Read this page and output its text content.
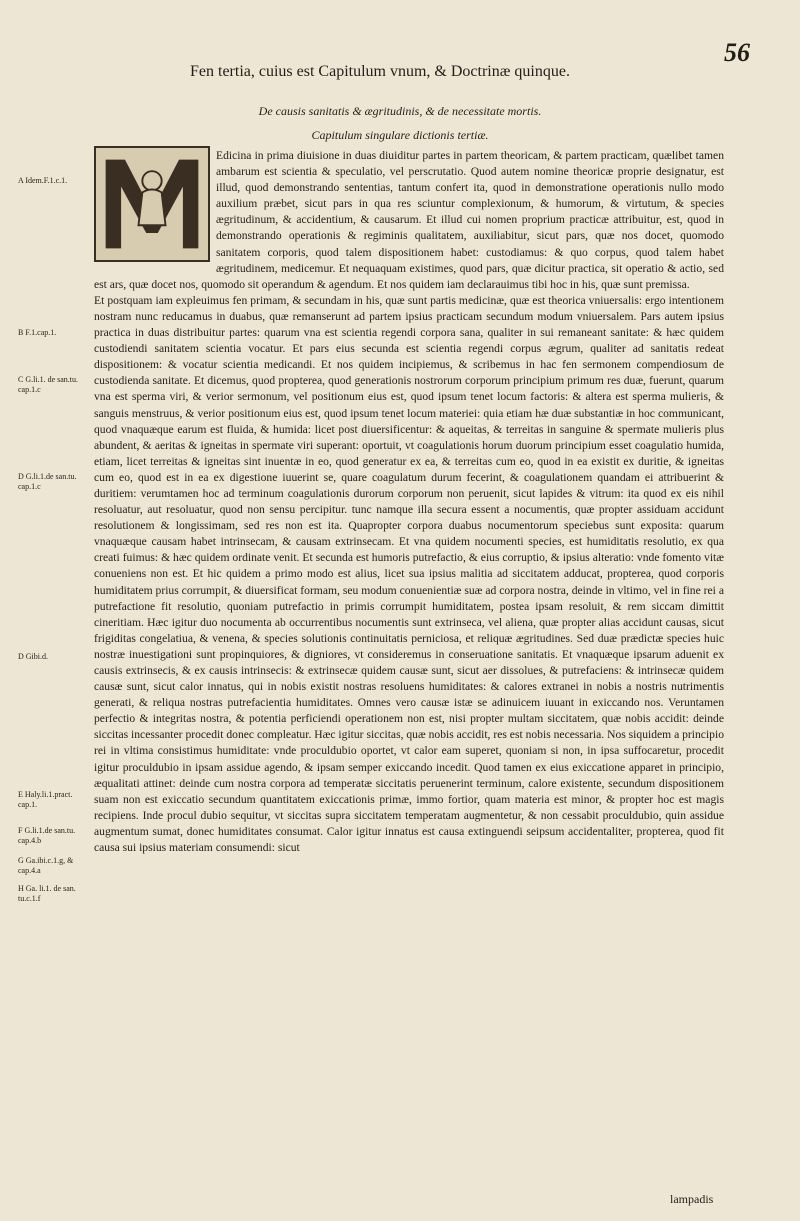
56
Fen tertia, cuius est Capitulum vnum, & Doctrinæ quinque.
De causis sanitatis & ægritudinis, & de necessitate mortis.
Capitulum singulare dictionis tertiæ.

Edicina in prima diuisione in duas diuiditur partes in partem theoricam, & partem practicam, quælibet tamen ambarum est scientia & speculatio, vel perscrutatio. Quod autem nomine theoricæ proprie designatur, est illud, quod demonstrando sententias, tantum confert ita, quod in demonstratione operationis nullo modo auxilium præbet, sicut pars in qua res sciuntur complexionum, & humorum, & virtutum, & species ægritudinum, & accidentium, & causarum. Et illud cui nomen proprium practicæ attribuitur, est, quod in demonstrando operationis & regiminis qualitatem, auxiliabitur, sicut pars, quæ nos docet, quomodo sanitatem corporis, quod talem dispositionem habet: custodiamus: & quo corpus, quod talem habet ægritudinem, medicemur. Et nequaquam existimes, quod pars, quæ dicitur practica, sit operatio & actio, sed est ars, quæ docet nos, quomodo sit operandum & agendum. Et nos quidem iam declarauimus tibi hoc in his, quæ sunt premissa.

Et postquam iam expleuimus fen primam, & secundam in his, quæ sunt partis medicinæ, quæ est theorica vniuersalis: ergo intentionem nostram nunc reducamus in duabus, quæ remanserunt ad partem ipsius practicam secundum modum vniuersalem. Pars autem ipsius practica in duas distribuitur partes: quarum vna est scientia regendi corpora sana, qualiter in sui remaneant sanitate: & hæc quidem custodiendi sanitatem scientia vocatur. Et pars eius secunda est scientia regendi corpus ægrum, qualiter ad sanitatis redeat dispositionem: & vocatur scientia medicandi. Et nos quidem incipiemus, & scribemus in hac fen sermonem compendiosum de custodienda sanitate. Et dicemus, quod propterea, quod generationis nostrorum corporum principium primum res duæ, fuerunt, quarum vna est sperma viri, & verior sermonum, vel positionum eius est, quod ipsum tenet locum factoris: & altera est sperma mulieris, & sanguis menstruus, & verior positionum eius est, quod ipsum tenet locum materiei: quia etiam hæ duæ substantiæ in hoc communicant, quod vnaquæque earum est fluida, & humida: licet post diuersificentur: & aqueitas, & terreitas in sanguine & spermate mulieris plus abundent, & aeritas & igneitas in spermate viri superant: oportuit, vt coagulationis horum duorum principium esset coagulatio humida, etiam, licet terreitas & igneitas sint inuentæ in eo, quod generatur ex ea, & terreitas cum eo, quod in ea existit ex duritie, & igneitas cum eo, quod est in ea ex digestione iuuerint se, quare coagulatum durum fecerint, & coagulationem quandam ei attribuerint & duritiem: verumtamen hoc ad terminum coagulationis durorum corporum non peruenit, sicut lapides & vitrum: ita quod ex eis nihil resoluatur, aut resoluatur, quod non sensu percipitur. tunc namque illa secura essent a nocumentis, quæ propter assiduam accidunt resolutionem & longissimam, sed res non est ita. Quapropter corpora duabus nocumentorum speciebus sunt exposita: quarum vnaquæque causam habet intrinsecam, & causam extrinsecam. Et vna quidem nocumenti species, est humiditatis resolutio, ex qua creati fuimus: & hæc quidem ordinate venit. Et secunda est humoris putrefactio, & eius corruptio, & ipsius alteratio: vnde fomento vitæ conueniens non est. Et hic quidem a primo modo est alius, licet sua ipsius malitia ad siccitatem adducat, propterea, quod corporis humiditatem prius corrumpit, & diuersificat formam, seu modum conuenientiæ suæ ad corpora nostra, deinde in vltimo, vel in fine rei a putrefactione fit resolutio, quoniam putrefactio in primis corrumpit humiditatem, postea ipsam resoluit, & rem siccam dimittit cineritiam. Hæc igitur duo nocumenta ab occurrentibus nocumentis sunt extrinseca, vel aliena, quæ propter alias accidunt causas, sicut frigiditas congelatiua, & venena, & species solutionis continuitatis perniciosa, et reliquæ ægritudines. Sed duæ prædictæ species huic nostræ inuestigationi sunt propinquiores, & digniores, vt consideremus in conseruatione sanitatis. Et vnaquæque ipsarum aduenit ex causis extrinsecis, & ex causis intrinsecis: & extrinsecæ quidem causæ sunt, sicut aer dissolues, & putrefaciens: & intrinsecæ quidem causæ sunt, sicut calor innatus, qui in nobis existit nostras resoluens humiditates: & calores extranei in nobis a nostris nutrimentis generati, & reliqua nostras putrefacientia humiditates. Omnes vero causæ istæ se adinuicem iuuant in exiccando nos. Veruntamen perfectio & integritas nostra, & potentia perficiendi operationem non est, nisi propter multam siccitatem, quæ nobis accidit: deinde siccitas incessanter procedit donec compleatur. Hæc igitur siccitas, quæ nobis accidit, res est nobis necessaria. Nos siquidem a principio rei in vltima consistimus humiditate: vnde proculdubio oportet, vt calor eam superet, quoniam si non, in ipsa suffocaretur, procedit igitur proculdubio in ipsam assidue agendo, & ipsam semper exiccando incedit. Quod tamen ex eius exiccatione apparet in principio, æqualitati attinet: deinde cum nostra corpora ad temperatæ siccitatis peruenerint terminum, calore existente, secundum dispositionem suam non est exiccatio secundum quantitatem exiccationis primæ, immo fortior, quam materia est minor, & propter hoc est magis recipiens. Inde procul dubio sequitur, vt siccitas supra siccitatem temperatam augmentetur, & non cessabit proculdubio, quin assidue augmentum sumat, donec humiditates consumat. Calor igitur innatus est causa extinguendi seipsum accidentaliter, propterea, quod fit causa sui ipsius materiam consumendi: sicut

A Idem.F.1.c.1.
B F.1.cap.1.
C G.li.1. de san.tu. cap.1.c
D G.li.1.de san.tu. cap.1.c
D Gibi.d.
E Haly.li.1.pract. cap.1.
F G.li.1.de san.tu. cap.4.b
G Ga.ibi.c.1.g, & cap.4.a
H Ga. li.1. de san. tu.c.1.f
lampadis
